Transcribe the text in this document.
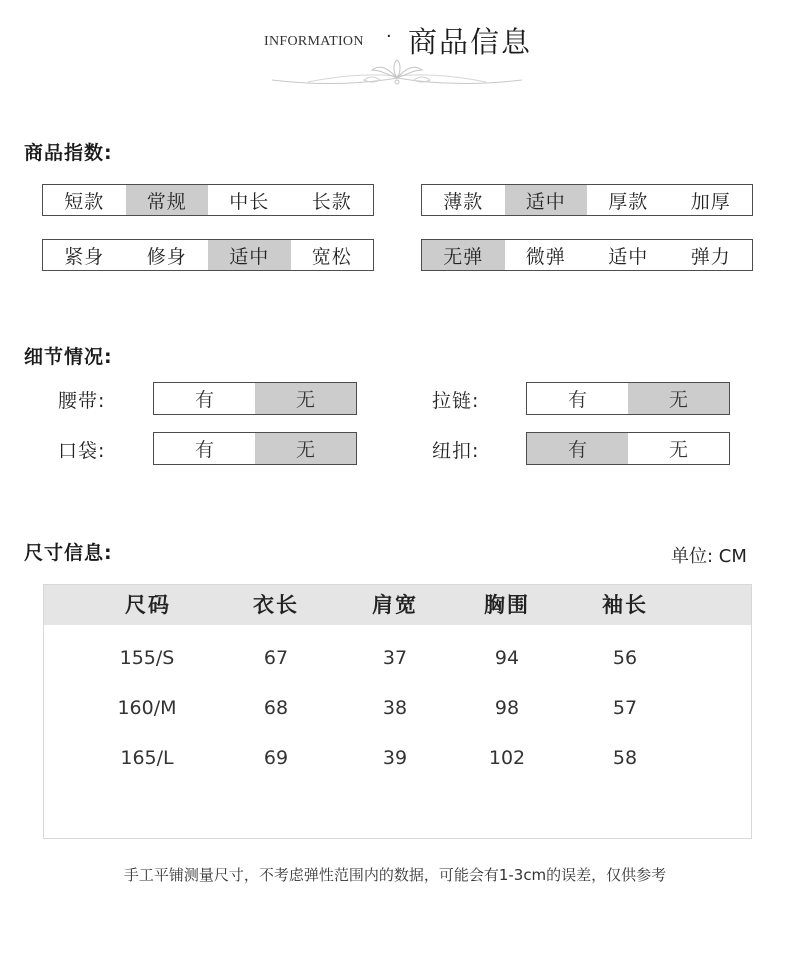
INFORMATION · 商品信息
商品指数:
短款	常规	中长	长款	薄款	适中	厚款	加厚
紧身	修身	适中	宽松	无弹	微弹	适中	弹力
细节情况:
腰带:	有	无	拉链:	有	无
口袋:	有	无	纽扣:	有	无
尺寸信息:	单位: CM
尺码	衣长	肩宽	胸围	袖长
155/S	67	37	94	56
160/M	68	38	98	57
165/L	69	39	102	58
手工平铺测量尺寸，不考虑弹性范围内的数据，可能会有1-3cm的误差，仅供参考
